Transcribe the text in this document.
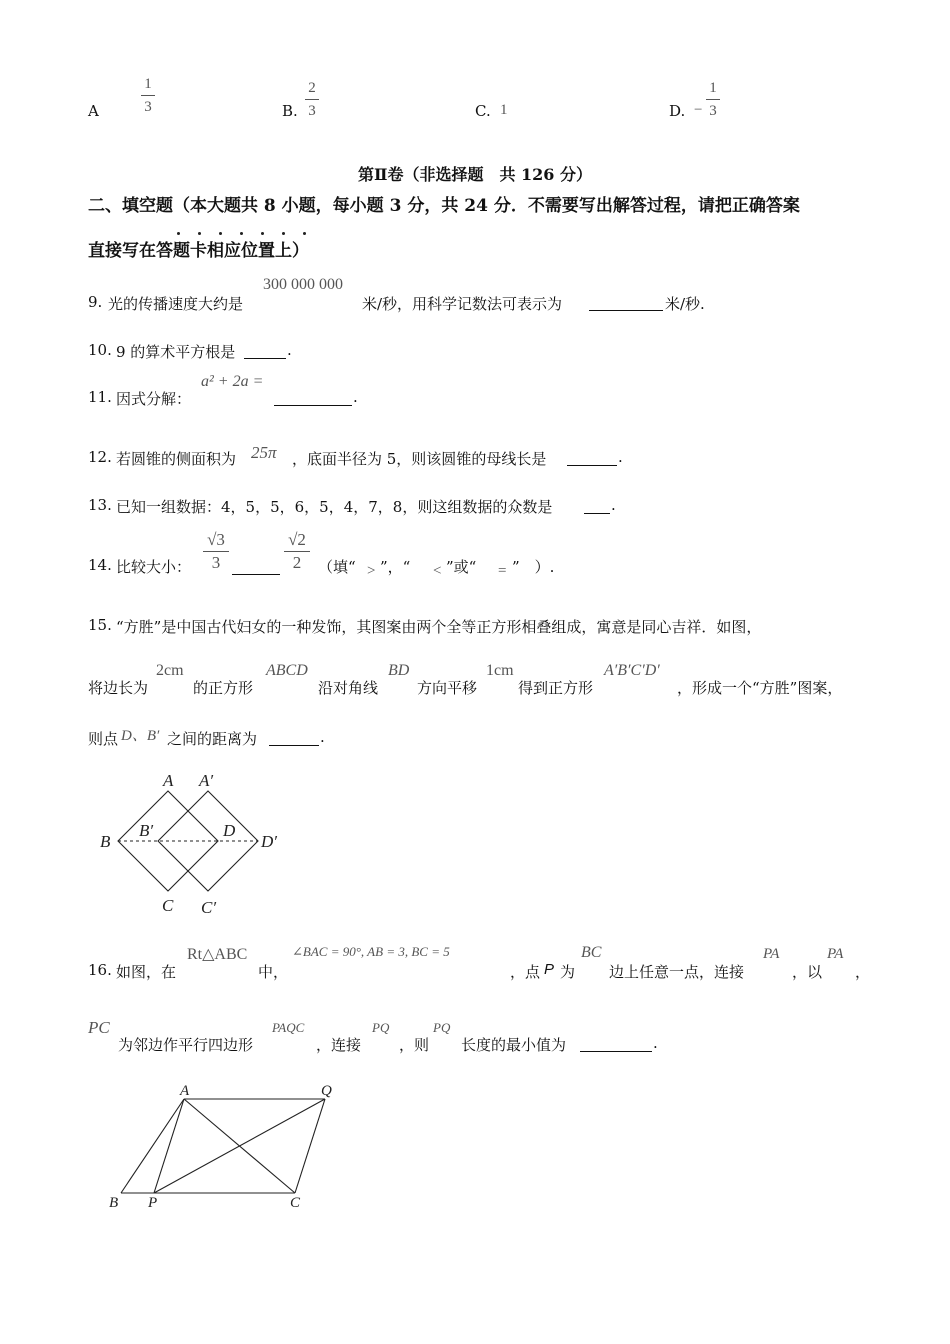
A
1
3	B.
2
3	C. 1	D. −
1
3
第Ⅱ卷（非选择题　共 126 分）
二、填空题（本大题共 8 小题，每小题 3 分，共 24 分．不需要写出解答过程，请把正确答案
直接写在答题卡相应位置上）
9. 光的传播速度大约是
300 000 000
米/秒，用科学记数法可表示为	米/秒.
10. 9 的算术平方根是	.
11. 因式分解：
a² + 2a =
.
12. 若圆锥的侧面积为 25π ，底面半径为 5，则该圆锥的母线长是	.
13. 已知一组数据：4，5，5，6，5，4，7，8，则这组数据的众数是	.
14. 比较大小：
√3
3
√2
2	（填“ > ”，“ < ”或“ = ”　）.
15. “方胜”是中国古代妇女的一种发饰，其图案由两个全等正方形相叠组成，寓意是同心吉祥．如图，
将边长为
2cm
的正方形
ABCD
沿对角线
BD
方向平移
1cm
得到正方形
A′B′C′D′
，形成一个“方胜”图案，
则点 D、B′ 之间的距离为	.
A A′
B
B′	D
D′
C C′
16. 如图，在
Rt△ABC
中，
∠BAC = 90°, AB = 3, BC = 5
，点 P 为
BC
边上任意一点，连接
PA
，以
PA
，
PC
为邻边作平行四边形
PAQC
，连接
PQ
，则
PQ
长度的最小值为	.
A	Q
B P	C
